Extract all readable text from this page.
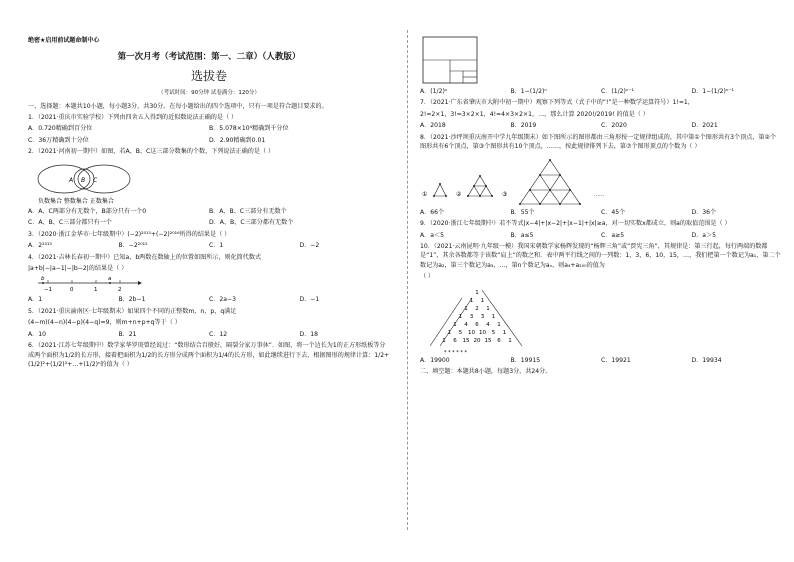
绝密★启用前试题命制中心

第一次月考（考试范围：第一、二章）（人教版）

选拔卷

（考试时间：90分钟 试卷满分：120分）

一、选择题：本题共10小题，每小题3分，共30分。在每小题给出的四个选项中，只有一项是符合题目要求的。

1．（2021·重庆市实验学校）下列由四舍五入得到的近似数说法正确的是（ ）

A．0.720精确到百分位	B．5.078×10⁴精确到千分位
C．36万精确到十分位	D．2.90精确到0.01

2．（2021·河南初一期中）如图，若A、B、C这三部分数集的个数，下列说法正确的是（ ）

A B C
负数集合 整数集合 正数集合
A．A、C两部分有无数个，B部分只有一个0	B．A、B、C三部分有无数个
C．A、B、C三部分都只有一个	D．A、B、C三部分都有无数个

3．（2020·浙江金华市·七年级期中）(−2)²⁰¹⁵+(−2)²⁰¹⁶所得的结果是（ ）

A．2²⁰¹⁵	B．−2²⁰¹⁵	C．1	D．−2

4．（2021·吉林长春初一期中）已知a，b两数在数轴上的位置如图所示，则化简代数式

|a+b|−|a−1|−|b−2|的结果是（ ）

b	a
−1	0	1	2
A．1	B．2b−1	C．2a−3	D．−1

5．（2021·重庆渝南区·七年级期末）如果四个不同的正整数m，n，p，q满足

(4−m)(4−n)(4−p)(4−q)=9，则m+n+p+q等于（ ）

A．10	B．21	C．12	D．18

6．（2021·江苏七年级期中）数学家华罗庚曾经说过：“数形结合百般好，隔裂分家万事休”．如图，将一个边长为1的正方形纸板等分成两个面积为1/2的长方形，接着把面积为1/2的长方形分成两个面积为1/4的长方形，如此继续进行下去，根据图形的规律计算：1/2+(1/2)²+(1/2)³+…+(1/2)ⁿ的值为（ ）

A．(1/2)ⁿ	B．1−(1/2)ⁿ	C．(1/2)ⁿ⁻¹	D．1−(1/2)ⁿ⁻¹

7．（2021·广东省肇庆市大附中初一期中）观察下列等式（式子中的“!”是一种数学运算符号）1!=1，

2!=2×1，3!=3×2×1，4!=4×3×2×1，…，那么计算 2020!/2019! 的值是（ ）

A．2018	B．2019	C．2020	D．2021

8．（2021·沙坪坝重庆南开中学九年级期末）如下图所示的图形都由三角形按一定规律组成的，其中第①个图形共有3个顶点，第②个图形共有6个顶点，第③个图形共有10个顶点，……，按此规律排列下去，第⑦个图形顶点的个数为（ ）

①	②	③	……
A．66个	B．55个	C．45个	D．36个

9．（2020·浙江七年级期中）若不等式|x−4|+|x−2|+|x−1|+|x|≥a，对一切实数x都成立，则a的取值范围是（ ）

A．a＜5	B．a≤5	C．a≥5	D．a＞5

10．（2021·云南昆明·九年级一模）我国宋朝数学家杨辉发现的“杨辉三角”或“贾宪三角”，其规律是：第三行起，每行两端的数都是“1”，其余各数都等于该数“肩上”的数之和．表中两平行线之间的一列数：1，3，6，10，15，…，我们把第一个数记为a₁，第二个数记为a₂，第三个数记为a₃，…，第n个数记为aₙ，则a₄+a₂₀₀的值为

（ ）

1
1 1
1 2 1
1 3 3 1
1 4 6 4 1
1 5 10 10 5 1
1 6 15 20 15 6 1
* * * * * *
A．19900	B．19915	C．19921	D．19934

二、填空题：本题共8小题，每题3分，共24分。
